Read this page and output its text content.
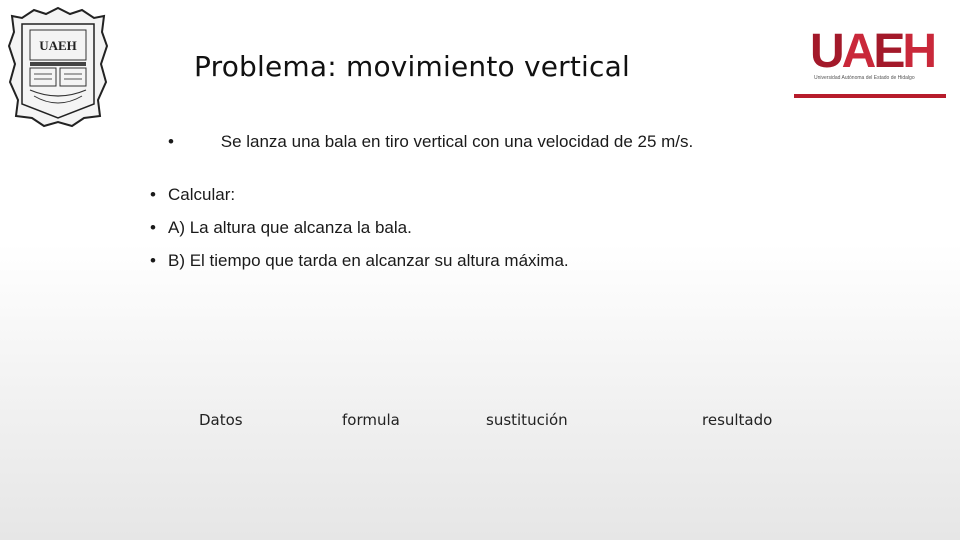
UAEH
Problema: movimiento vertical	UAEH
Universidad Autónoma del Estado de Hidalgo
• Se lanza una bala en tiro vertical con una velocidad de 25 m/s.
• Calcular:
• A) La altura que alcanza la bala.
• B) El tiempo que tarda en alcanzar su altura máxima.
Datos	formula	sustitución	resultado
